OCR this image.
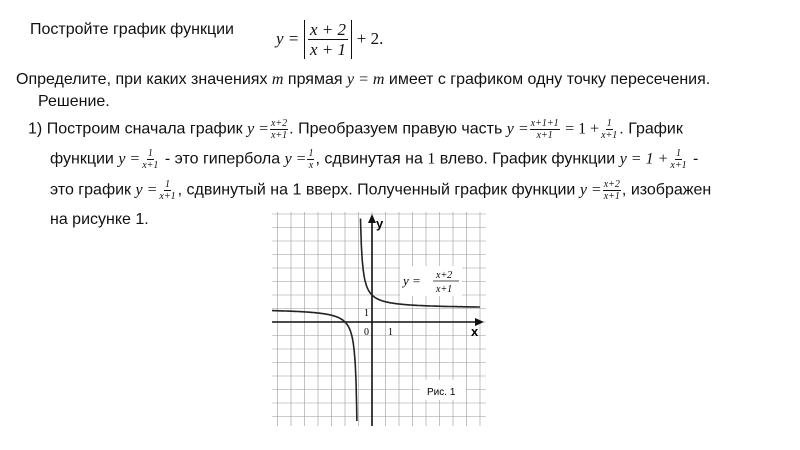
Постройте график функции $y = \frac{x + 2}{x + 1} + 2$.
Определите, при каких значениях m прямая y = m имеет с графиком одну точку пересечения.
Решение.
1) Построим сначала график $y = \frac{x+2}{x+1}$ . Преобразуем правую часть $y = \frac{x+1+1}{x+1} = 1 + \frac{1}{x+1}$ . График
функции $y = \frac{1}{x+1}$ - это гипербола $y = \frac{1}{x}$ , сдвинутая на 1 влево. График функции $y = 1 + \frac{1}{x+1}$ -
это график $y = \frac{1}{x+1}$ , сдвинутый на 1 вверх. Полученный график функции $y = \frac{x+2}{x+1}$ , изображен
на рисунке 1.	y
x
0 1
1
y = x+2
x+1
Рис. 1
